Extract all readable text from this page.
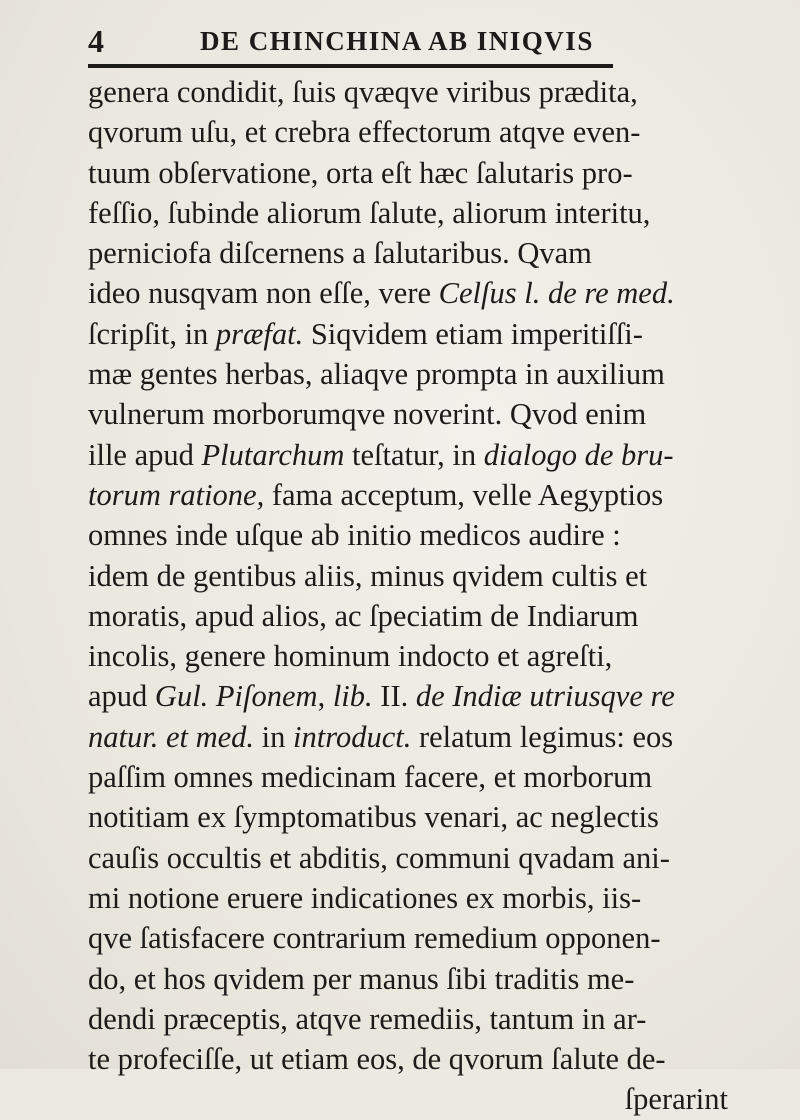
4	DE CHINCHINA AB INIQVIS
genera condidit, ſuis qvæqve viribus prædita,
qvorum uſu, et crebra effectorum atqve even-
tuum obſervatione, orta eſt hæc ſalutaris pro-
feſſio, ſubinde aliorum ſalute, aliorum interitu,
perniciofa diſcernens a ſalutaribus. Qvam
ideo nusqvam non eſſe, vere Celſus l. de re med.
ſcripſit, in præfat. Siqvidem etiam imperitiſſi-
mæ gentes herbas, aliaqve prompta in auxilium
vulnerum morborumqve noverint. Qvod enim
ille apud Plutarchum teſtatur, in dialogo de bru-
torum ratione, fama acceptum, velle Aegyptios
omnes inde uſque ab initio medicos audire :
idem de gentibus aliis, minus qvidem cultis et
moratis, apud alios, ac ſpeciatim de Indiarum
incolis, genere hominum indocto et agreſti,
apud Gul. Piſonem, lib. II. de Indiæ utriusqve re
natur. et med. in introduct. relatum legimus: eos
paſſim omnes medicinam facere, et morborum
notitiam ex ſymptomatibus venari, ac neglectis
cauſis occultis et abditis, communi qvadam ani-
mi notione eruere indicationes ex morbis, iis-
qve ſatisfacere contrarium remedium opponen-
do, et hos qvidem per manus ſibi traditis me-
dendi præceptis, atqve remediis, tantum in ar-
te profeciſſe, ut etiam eos, de qvorum ſalute de-
ſperarint
